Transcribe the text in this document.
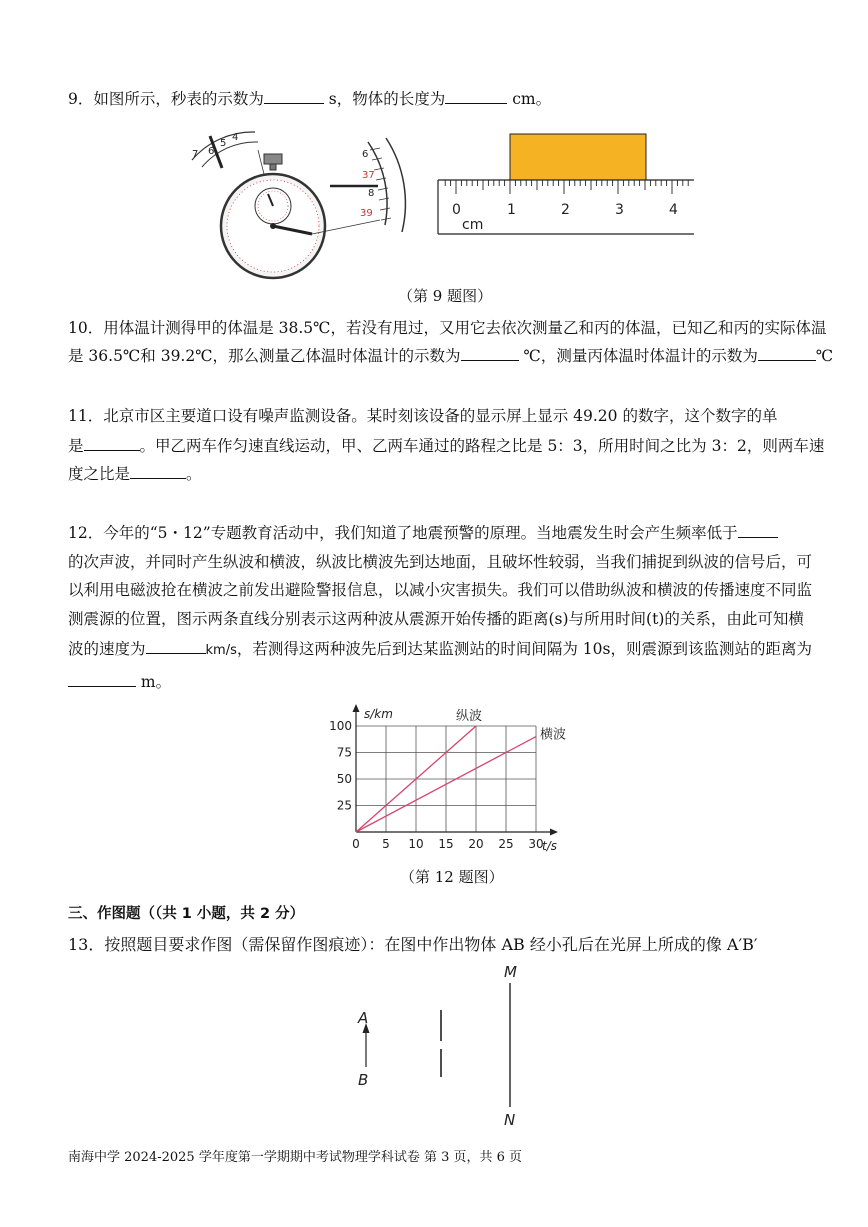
9．如图所示，秒表的示数为	s，物体的长度为	cm。
7 6
5
4
6
37
8
39	0	1	2	3	4
cm
（第 9 题图）
10．用体温计测得甲的体温是 38.5℃，若没有甩过，又用它去依次测量乙和丙的体温，已知乙和丙的实际体温
是 36.5℃和 39.2℃，那么测量乙体温时体温计的示数为	℃，测量丙体温时体温计的示数为	℃
11．北京市区主要道口设有噪声监测设备。某时刻该设备的显示屏上显示 49.20 的数字，这个数字的单
是	。甲乙两车作匀速直线运动，甲、乙两车通过的路程之比是 5：3，所用时间之比为 3：2，则两车速
度之比是	。
12．今年的“5・12”专题教育活动中，我们知道了地震预警的原理。当地震发生时会产生频率低于
的次声波，并同时产生纵波和横波，纵波比横波先到达地面，且破坏性较弱，当我们捕捉到纵波的信号后，可
以利用电磁波抢在横波之前发出避险警报信息，以减小灾害损失。我们可以借助纵波和横波的传播速度不同监
测震源的位置，图示两条直线分别表示这两种波从震源开始传播的距离(s)与所用时间(t)的关系，由此可知横
波的速度为	km/s，若测得这两种波先后到达某监测站的时间间隔为 10s，则震源到该监测站的距离为
m。
0 5 10 15 20 25 30
25
50
75
100
纵波
横波
t/s
s/km
（第 12 题图）
三、作图题（（共 1 小题，共 2 分）
13．按照题目要求作图（需保留作图痕迹）：在图中作出物体 AB 经小孔后在光屏上所成的像 A′B′
A
B
M
N
南海中学 2024-2025 学年度第一学期期中考试物理学科试卷 第 3 页，共 6 页
